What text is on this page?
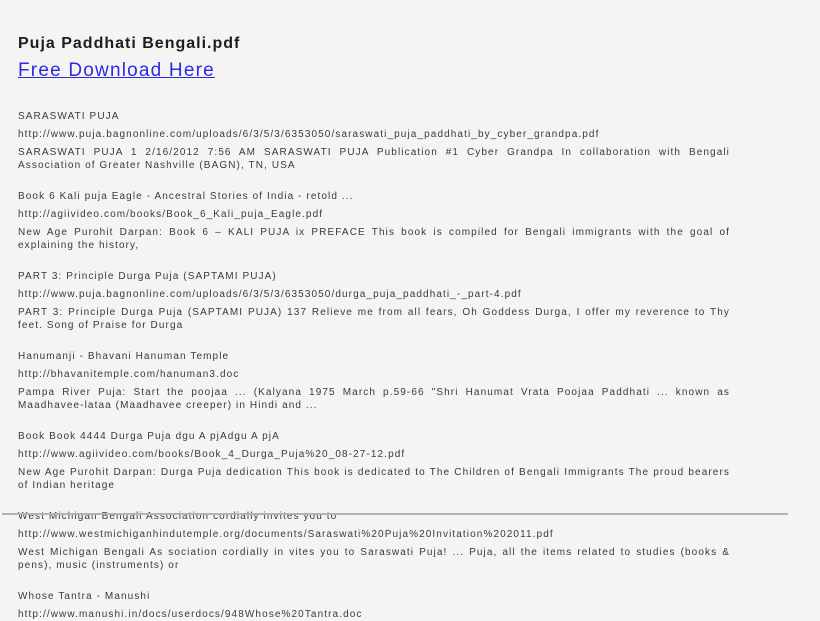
Puja Paddhati Bengali.pdf
Free Download Here
SARASWATI PUJA
http://www.puja.bagnonline.com/uploads/6/3/5/3/6353050/saraswati_puja_paddhati_by_cyber_grandpa.pdf
SARASWATI PUJA 1 2/16/2012 7:56 AM SARASWATI PUJA Publication #1 Cyber Grandpa In collaboration with Bengali Association of Greater Nashville (BAGN), TN, USA
Book 6 Kali puja Eagle - Ancestral Stories of India - retold ...
http://agiivideo.com/books/Book_6_Kali_puja_Eagle.pdf
New Age Purohit Darpan: Book 6 – KALI PUJA ix PREFACE This book is compiled for Bengali immigrants with the goal of explaining the history,
PART 3: Principle Durga Puja (SAPTAMI PUJA)
http://www.puja.bagnonline.com/uploads/6/3/5/3/6353050/durga_puja_paddhati_-_part-4.pdf
PART 3: Principle Durga Puja (SAPTAMI PUJA) 137 Relieve me from all fears, Oh Goddess Durga, I offer my reverence to Thy feet. Song of Praise for Durga
Hanumanji - Bhavani Hanuman Temple
http://bhavanitemple.com/hanuman3.doc
Pampa River Puja: Start the poojaa ... (Kalyana 1975 March p.59-66 "Shri Hanumat Vrata Poojaa Paddhati ... known as Maadhavee-lataa (Maadhavee creeper) in Hindi and ...
Book Book 4444 Durga Puja dgu A pjAdgu A pjA
http://www.agiivideo.com/books/Book_4_Durga_Puja%20_08-27-12.pdf
New Age Purohit Darpan: Durga Puja dedication This book is dedicated to The Children of Bengali Immigrants The proud bearers of Indian heritage
West Michigan Bengali Association cordially invites you to
http://www.westmichiganhindutemple.org/documents/Saraswati%20Puja%20Invitation%202011.pdf
West Michigan Bengali As sociation cordially in vites you to Saraswati Puja! ... Puja, all the items related to studies (books & pens), music (instruments) or
Whose Tantra - Manushi
http://www.manushi.in/docs/userdocs/948Whose%20Tantra.doc
